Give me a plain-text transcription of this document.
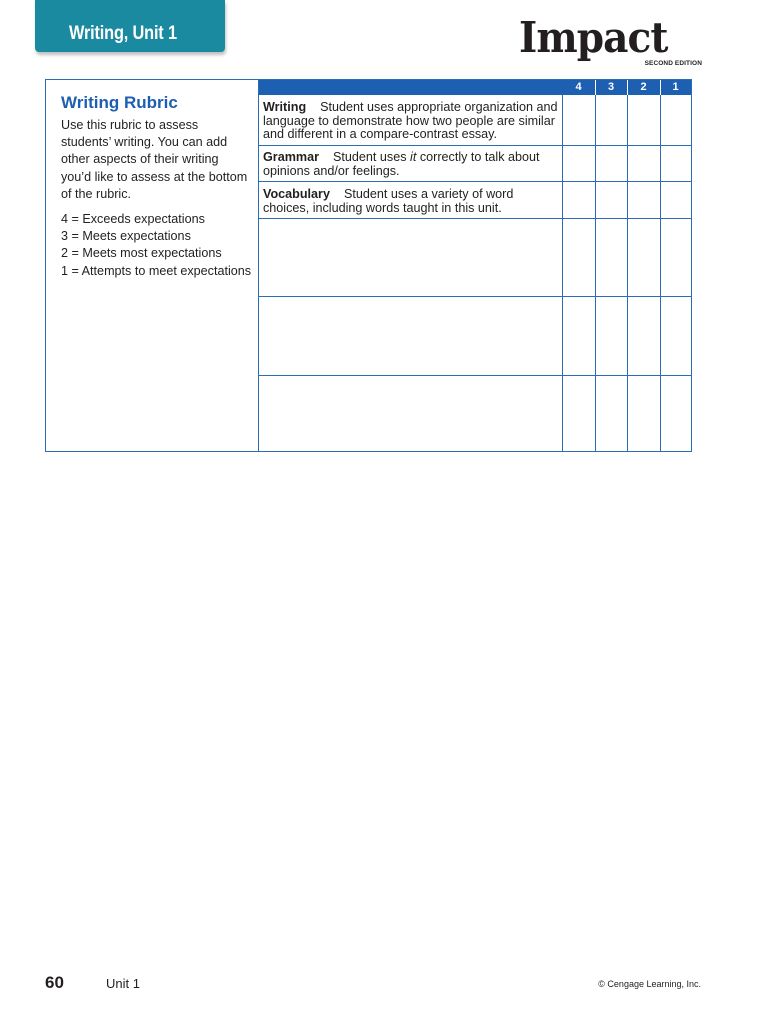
Writing, Unit 1	Impact
SECOND EDITION
Writing Rubric
Use this rubric to assess students’ writing. You can add other aspects of their writing you’d like to assess at the bottom of the rubric.
4 = Exceeds expectations
3 = Meets expectations
2 = Meets most expectations
1 = Attempts to meet expectations
4	3	2	1
Writing Student uses appropriate organization and language to demonstrate how two people are similar and different in a compare-contrast essay.
Grammar Student uses it correctly to talk about opinions and/or feelings.
Vocabulary Student uses a variety of word choices, including words taught in this unit.
60	Unit 1	© Cengage Learning, Inc.
